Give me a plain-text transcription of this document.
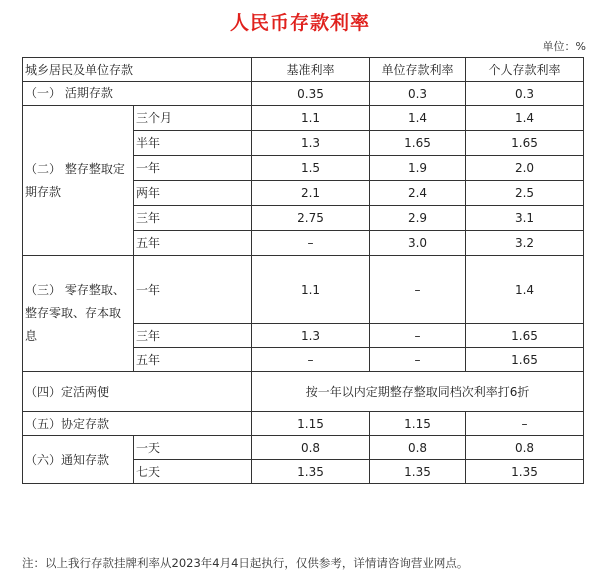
人民币存款利率
单位：%
城乡居民及单位存款		基准利率	单位存款利率	个人存款利率
（一） 活期存款		0.35	0.3	0.3
（二） 整存整取定期存款	三个月	1.1	1.4	1.4
	半年	1.3	1.65	1.65
	一年	1.5	1.9	2.0
	两年	2.1	2.4	2.5
	三年	2.75	2.9	3.1
	五年	–	3.0	3.2
（三） 零存整取、整存零取、存本取息	一年	1.1	–	1.4
	三年	1.3	–	1.65
	五年	–	–	1.65
（四）定活两便		按一年以内定期整存整取同档次利率打6折		
（五）协定存款		1.15	1.15	–
（六）通知存款	一天	0.8	0.8	0.8
	七天	1.35	1.35	1.35
注：以上我行存款挂牌利率从2023年4月4日起执行，仅供参考，详情请咨询营业网点。
